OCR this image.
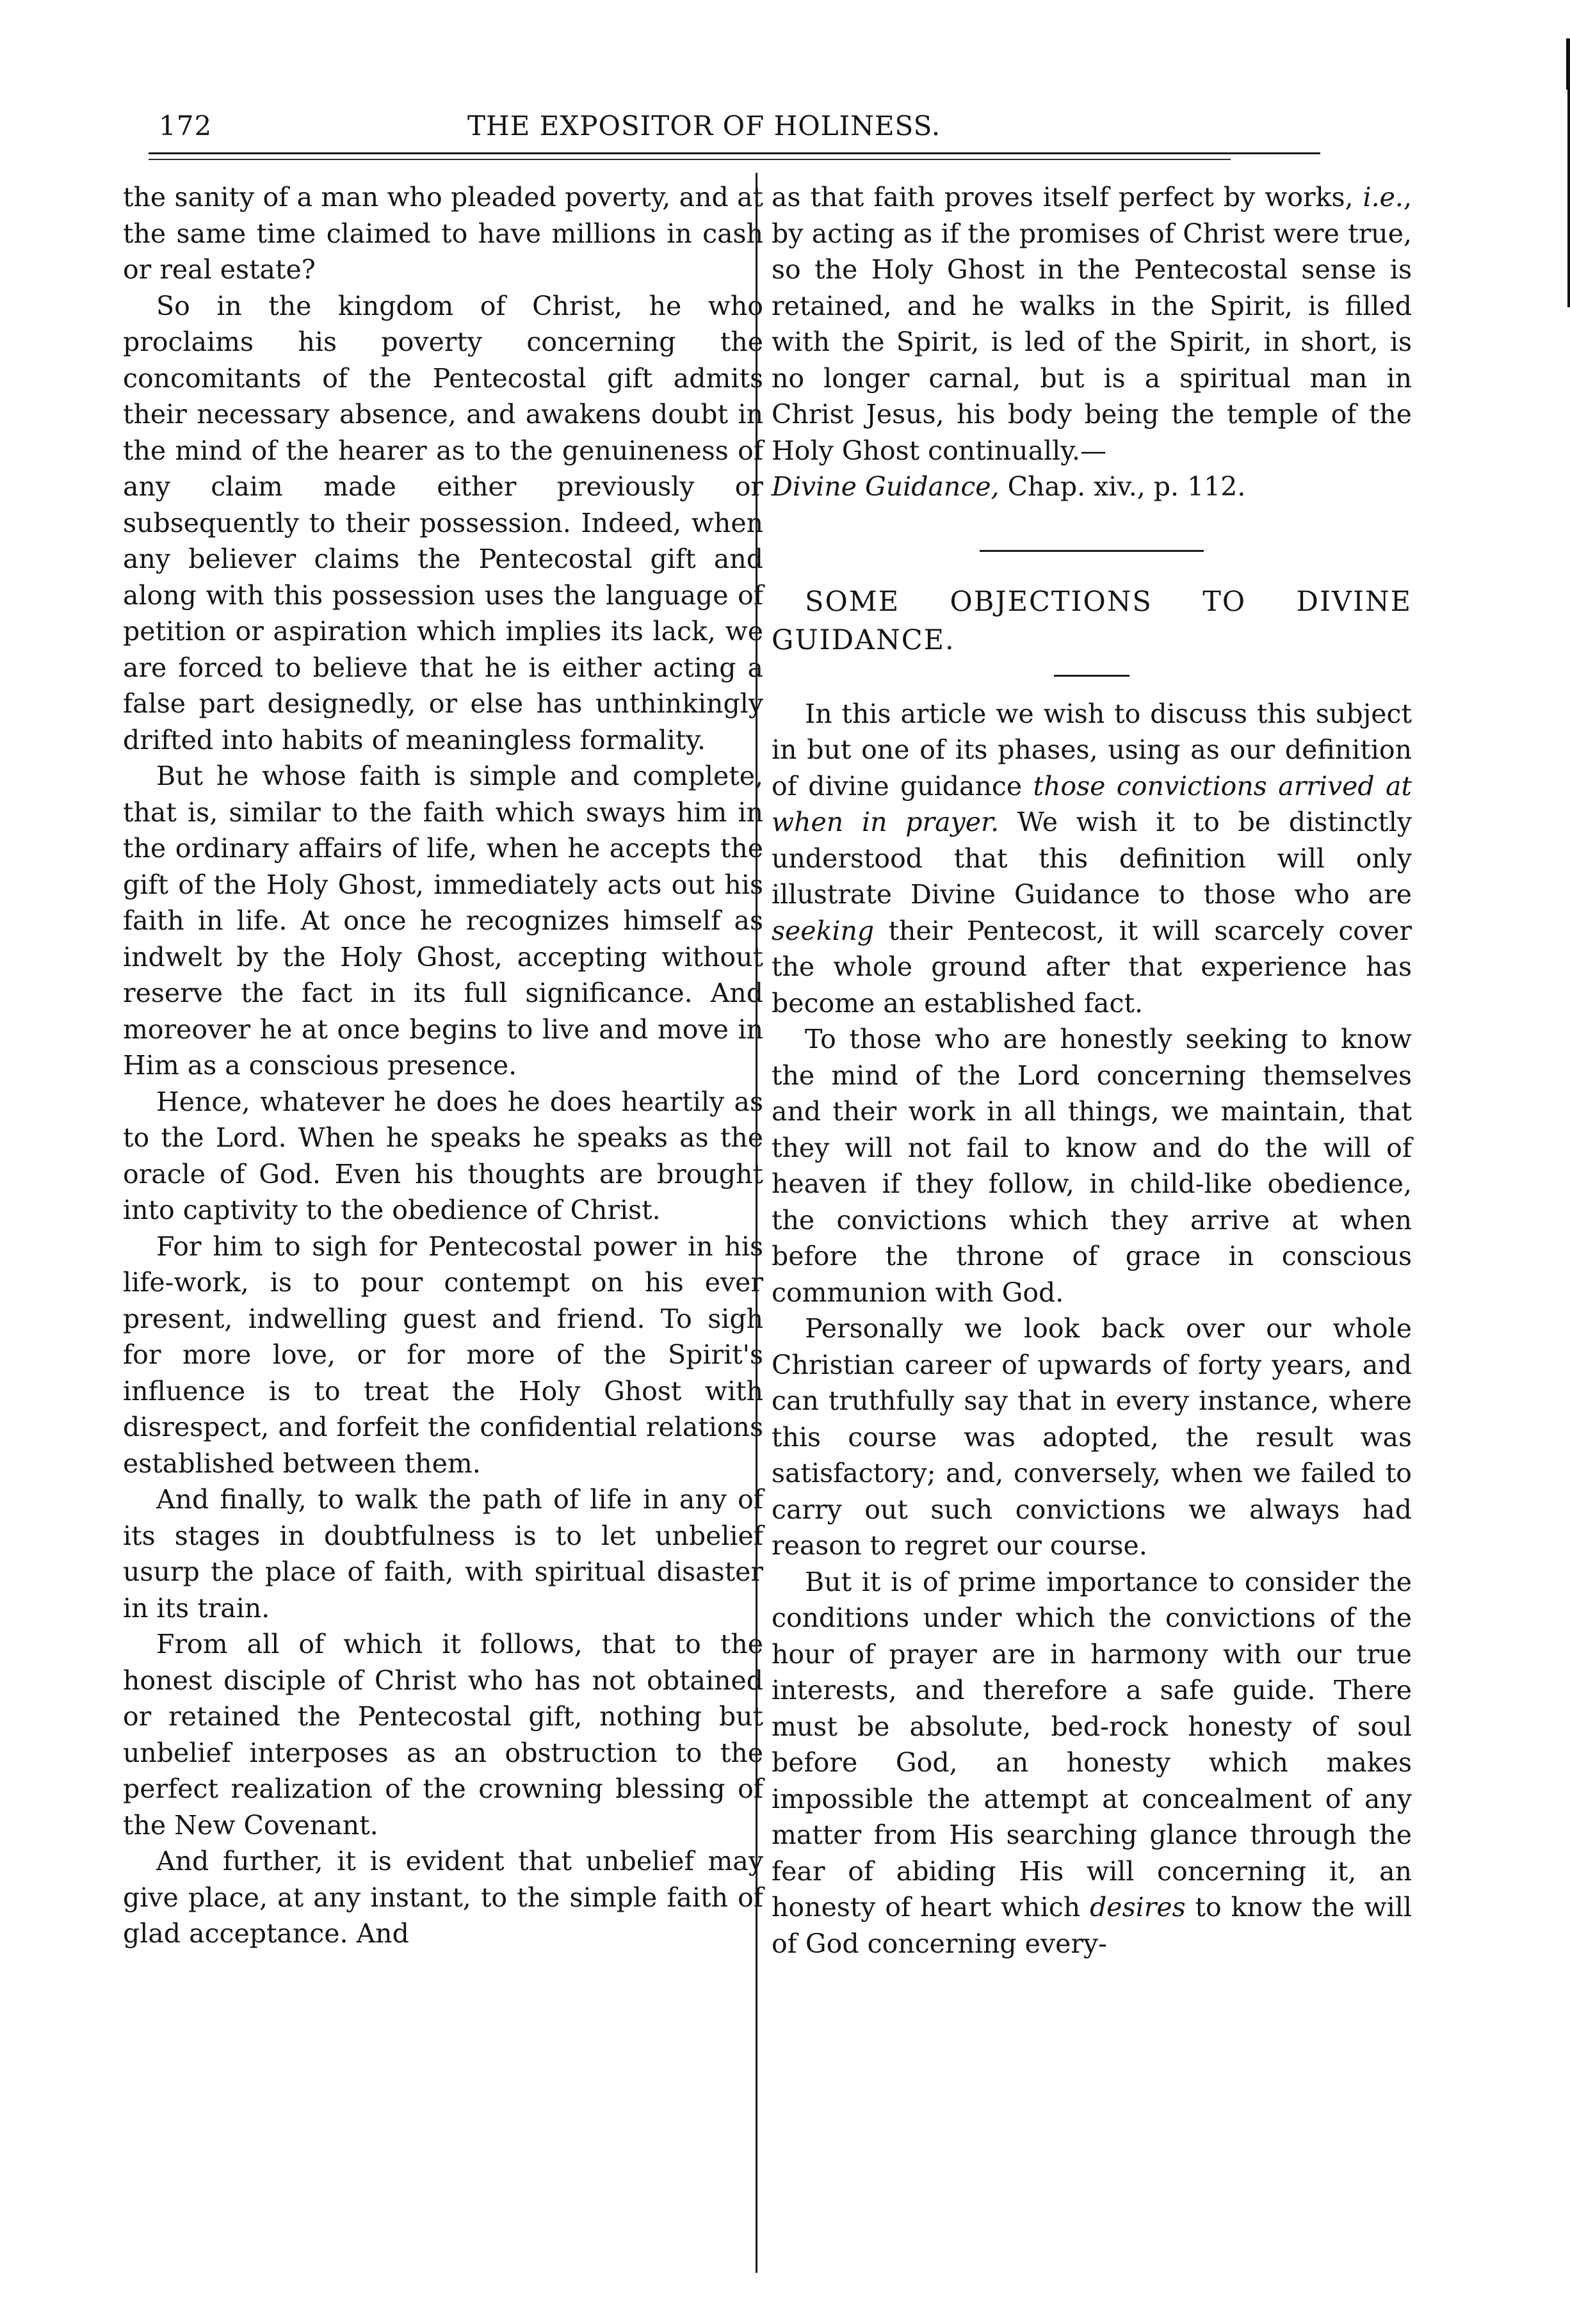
172	THE EXPOSITOR OF HOLINESS.

the sanity of a man who pleaded poverty, and at the same time claimed to have millions in cash or real estate?

So in the kingdom of Christ, he who proclaims his poverty concerning the concomitants of the Pentecostal gift admits their necessary absence, and awakens doubt in the mind of the hearer as to the genuineness of any claim made either previously or subsequently to their possession. Indeed, when any believer claims the Pentecostal gift and along with this possession uses the language of petition or aspiration which implies its lack, we are forced to believe that he is either acting a false part designedly, or else has unthinkingly drifted into habits of meaningless formality.

But he whose faith is simple and complete, that is, similar to the faith which sways him in the ordinary affairs of life, when he accepts the gift of the Holy Ghost, immediately acts out his faith in life. At once he recognizes himself as indwelt by the Holy Ghost, accepting without reserve the fact in its full significance. And moreover he at once begins to live and move in Him as a conscious presence.

Hence, whatever he does he does heartily as to the Lord. When he speaks he speaks as the oracle of God. Even his thoughts are brought into captivity to the obedience of Christ.

For him to sigh for Pentecostal power in his life-work, is to pour contempt on his ever present, indwelling guest and friend. To sigh for more love, or for more of the Spirit's influence is to treat the Holy Ghost with disrespect, and forfeit the confidential relations established between them.

And finally, to walk the path of life in any of its stages in doubtfulness is to let unbelief usurp the place of faith, with spiritual disaster in its train.

From all of which it follows, that to the honest disciple of Christ who has not obtained or retained the Pentecostal gift, nothing but unbelief interposes as an obstruction to the perfect realization of the crowning blessing of the New Covenant.

And further, it is evident that unbelief may give place, at any instant, to the simple faith of glad acceptance. And

as that faith proves itself perfect by works, i.e., by acting as if the promises of Christ were true, so the Holy Ghost in the Pentecostal sense is retained, and he walks in the Spirit, is filled with the Spirit, is led of the Spirit, in short, is no longer carnal, but is a spiritual man in Christ Jesus, his body being the temple of the Holy Ghost continually.—

Divine Guidance, Chap. xiv., p. 112.

SOME OBJECTIONS TO DIVINE GUIDANCE.

In this article we wish to discuss this subject in but one of its phases, using as our definition of divine guidance those convictions arrived at when in prayer. We wish it to be distinctly understood that this definition will only illustrate Divine Guidance to those who are seeking their Pentecost, it will scarcely cover the whole ground after that experience has become an established fact.

To those who are honestly seeking to know the mind of the Lord concerning themselves and their work in all things, we maintain, that they will not fail to know and do the will of heaven if they follow, in child-like obedience, the convictions which they arrive at when before the throne of grace in conscious communion with God.

Personally we look back over our whole Christian career of upwards of forty years, and can truthfully say that in every instance, where this course was adopted, the result was satisfactory; and, conversely, when we failed to carry out such convictions we always had reason to regret our course.

But it is of prime importance to consider the conditions under which the convictions of the hour of prayer are in harmony with our true interests, and therefore a safe guide. There must be absolute, bed-rock honesty of soul before God, an honesty which makes impossible the attempt at concealment of any matter from His searching glance through the fear of abiding His will concerning it, an honesty of heart which desires to know the will of God concerning every-
